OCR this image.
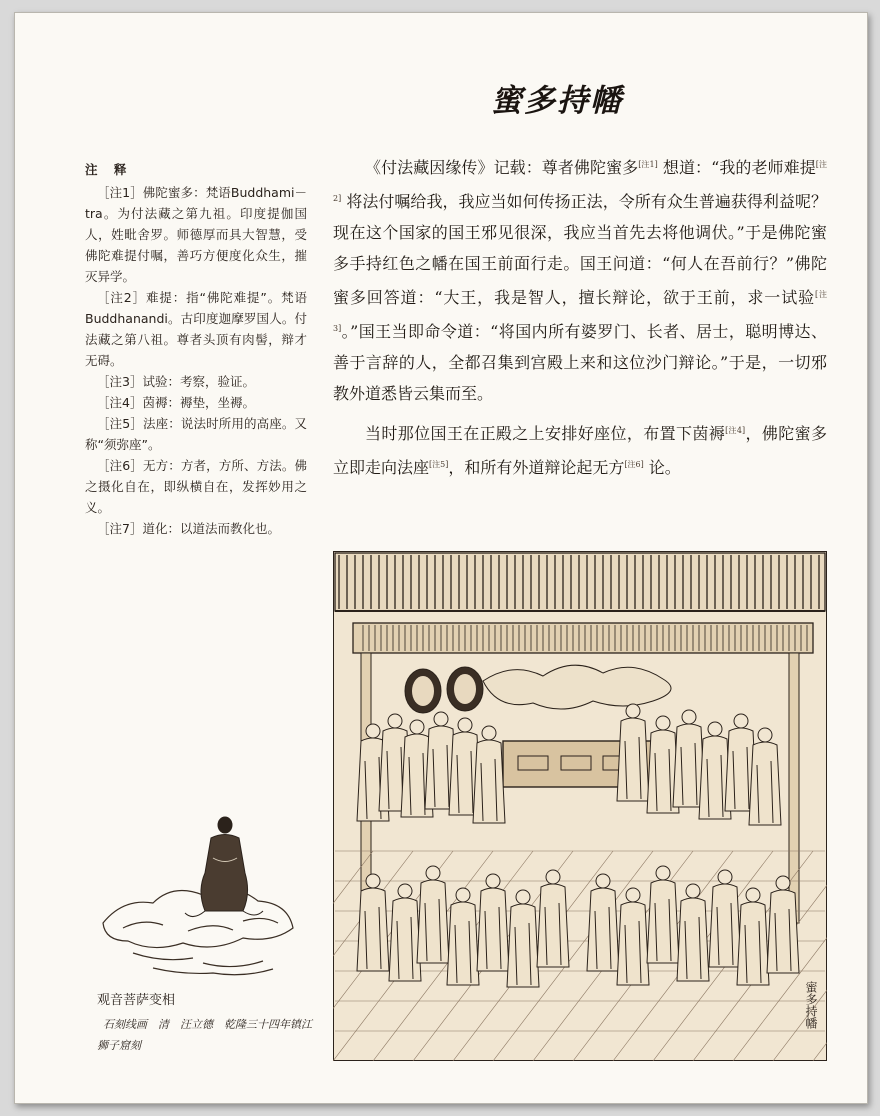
蜜多持幡
注 释
［注1］佛陀蜜多：梵语Buddhami－tra。为付法藏之第九祖。印度提伽国人，姓毗舍罗。师德厚而具大智慧，受佛陀难提付嘱，善巧方便度化众生，摧灭异学。
［注2］难提：指“佛陀难提”。梵语Buddhanandi。古印度迦摩罗国人。付法藏之第八祖。尊者头顶有肉髻，辩才无碍。
［注3］试验：考察，验证。
［注4］茵褥：褥垫，坐褥。
［注5］法座：说法时所用的高座。又称“须弥座”。
［注6］无方：方者，方所、方法。佛之摄化自在，即纵横自在，发挥妙用之义。
［注7］道化：以道法而教化也。

《付法藏因缘传》记载：尊者佛陀蜜多[注1] 想道：“我的老师难提[注2] 将法付嘱给我，我应当如何传扬正法，令所有众生普遍获得利益呢？现在这个国家的国王邪见很深，我应当首先去将他调伏。”于是佛陀蜜多手持红色之幡在国王前面行走。国王问道：“何人在吾前行？”佛陀蜜多回答道：“大王，我是智人，擅长辩论，欲于王前，求一试验[注3]。”国王当即命令道：“将国内所有婆罗门、长者、居士，聪明博达、善于言辞的人，全都召集到宫殿上来和这位沙门辩论。”于是，一切邪教外道悉皆云集而至。

当时那位国王在正殿之上安排好座位，布置下茵褥[注4]，佛陀蜜多立即走向法座[注5]，和所有外道辩论起无方[注6] 论。

观音菩萨变相
石刻线画　清　汪立德　乾隆三十四年镇江狮子窟刻
蜜多持幡
